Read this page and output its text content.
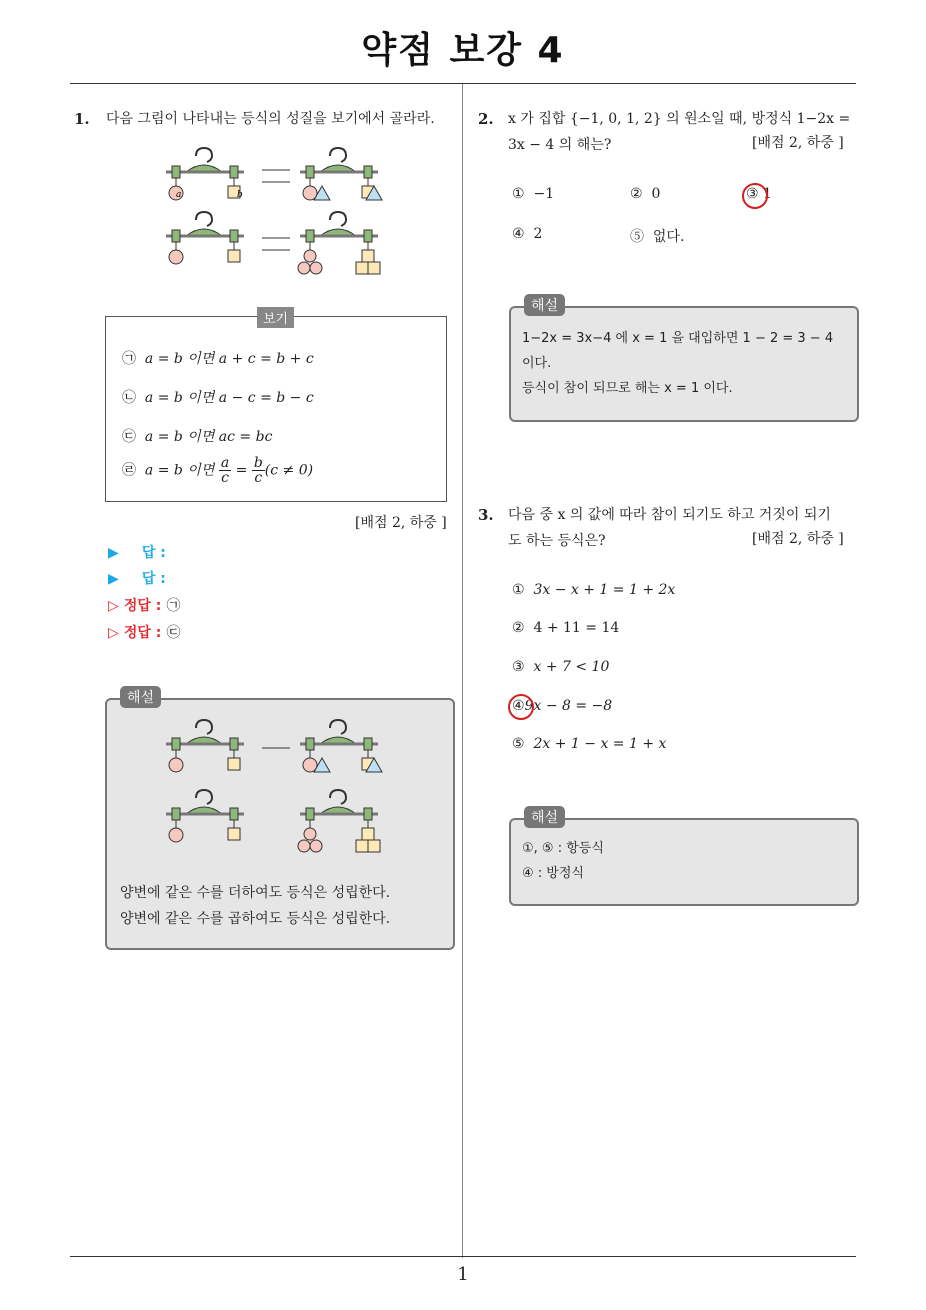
약점 보강 4
1
1. 다음 그림이 나타내는 등식의 성질을 보기에서 골라라.
a	b
보기
㉠ a = b 이면 a + c = b + c
㉡ a = b 이면 a − c = b − c
㉢ a = b 이면 ac = bc
㉣ a = b 이면 $\frac{a}{c} = \frac{b}{c} (c \ne 0)$
[배점 2, 하중 ]
▶ 답 :
▶ 답 :
▷ 정답 : ㉠
▷ 정답 : ㉢
해설
양변에 같은 수를 더하여도 등식은 성립한다.
양변에 같은 수를 곱하여도 등식은 성립한다.
2. x 가 집합 {−1, 0, 1, 2} 의 원소일 때, 방정식 1−2x =
3x − 4 의 해는?	[배점 2, 하중 ]
① −1	② 0	③ 1
④ 2	⑤ 없다.
해설
1−2x = 3x−4 에 x = 1 을 대입하면 1 − 2 = 3 − 4
이다.
등식이 참이 되므로 해는 x = 1 이다.
3. 다음 중 x 의 값에 따라 참이 되기도 하고 거짓이 되기
도 하는 등식은?	[배점 2, 하중 ]
① 3x − x + 1 = 1 + 2x
② 4 + 11 = 14
③ x + 7 < 10
④9x − 8 = −8
⑤ 2x + 1 − x = 1 + x
해설
①, ⑤ : 항등식
④ : 방정식
